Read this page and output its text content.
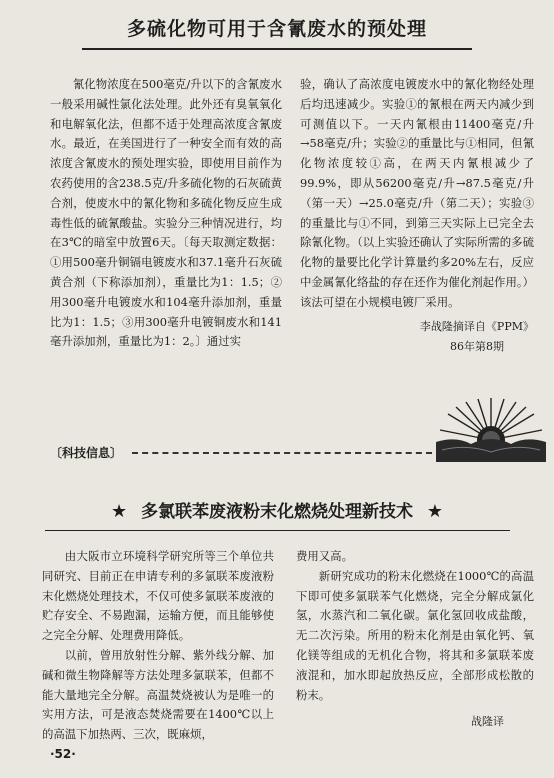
多硫化物可用于含氰废水的预处理

氰化物浓度在500毫克/升以下的含氰废水一般采用碱性氯化法处理。此外还有臭氧氧化和电解氧化法，但都不适于处理高浓度含氰废水。最近，在美国进行了一种安全而有效的高浓度含氰废水的预处理实验，即使用目前作为农药使用的含238.5克/升多硫化物的石灰硫黄合剂，使废水中的氰化物和多硫化物反应生成毒性低的硫氰酸盐。实验分三种情况进行，均在3℃的暗室中放置6天。〔每天取测定数据：①用500毫升铜镉电镀废水和37.1毫升石灰硫黄合剂（下称添加剂），重量比为1：1.5；②用300毫升电镀废水和104毫升添加剂，重量比为1：1.5；③用300毫升电镀铜废水和141毫升添加剂，重量比为1：2。〕通过实

验，确认了高浓度电镀废水中的氰化物经处理后均迅速减少。实验①的氰根在两天内减少到可测值以下。一天内氰根由11400毫克/升→58毫克/升；实验②的重量比与①相同，但氰化物浓度较①高，在两天内氰根减少了99.9%，即从56200毫克/升→87.5毫克/升（第一天）→25.0毫克/升（第二天）；实验③的重量比与①不同，到第三天实际上已完全去除氰化物。（以上实验还确认了实际所需的多硫化物的量要比化学计算量约多20%左右，反应中金属氰化络盐的存在还作为催化剂起作用。）该法可望在小规模电镀厂采用。

李战隆摘译自《PPM》
86年第8期
〔科技信息〕
★ 多氯联苯废液粉末化燃烧处理新技术 ★

由大阪市立环境科学研究所等三个单位共同研究、目前正在申请专利的多氯联苯废液粉末化燃烧处理技术，不仅可使多氯联苯废液的贮存安全、不易跑漏，运输方便，而且能够使之完全分解、处理费用降低。

以前，曾用放射性分解、紫外线分解、加碱和微生物降解等方法处理多氯联苯，但都不能大量地完全分解。高温焚烧被认为是唯一的实用方法，可是液态焚烧需要在1400℃以上的高温下加热两、三次，既麻烦，

费用又高。

新研究成功的粉末化燃烧在1000℃的高温下即可使多氯联苯气化燃烧，完全分解成氯化氢，水蒸汽和二氧化碳。氯化氢回收成盐酸，无二次污染。所用的粉末化剂是由氧化钙、氧化镁等组成的无机化合物，将其和多氯联苯废液混和，加水即起放热反应，全部形成松散的粉末。

战隆译
·52·
